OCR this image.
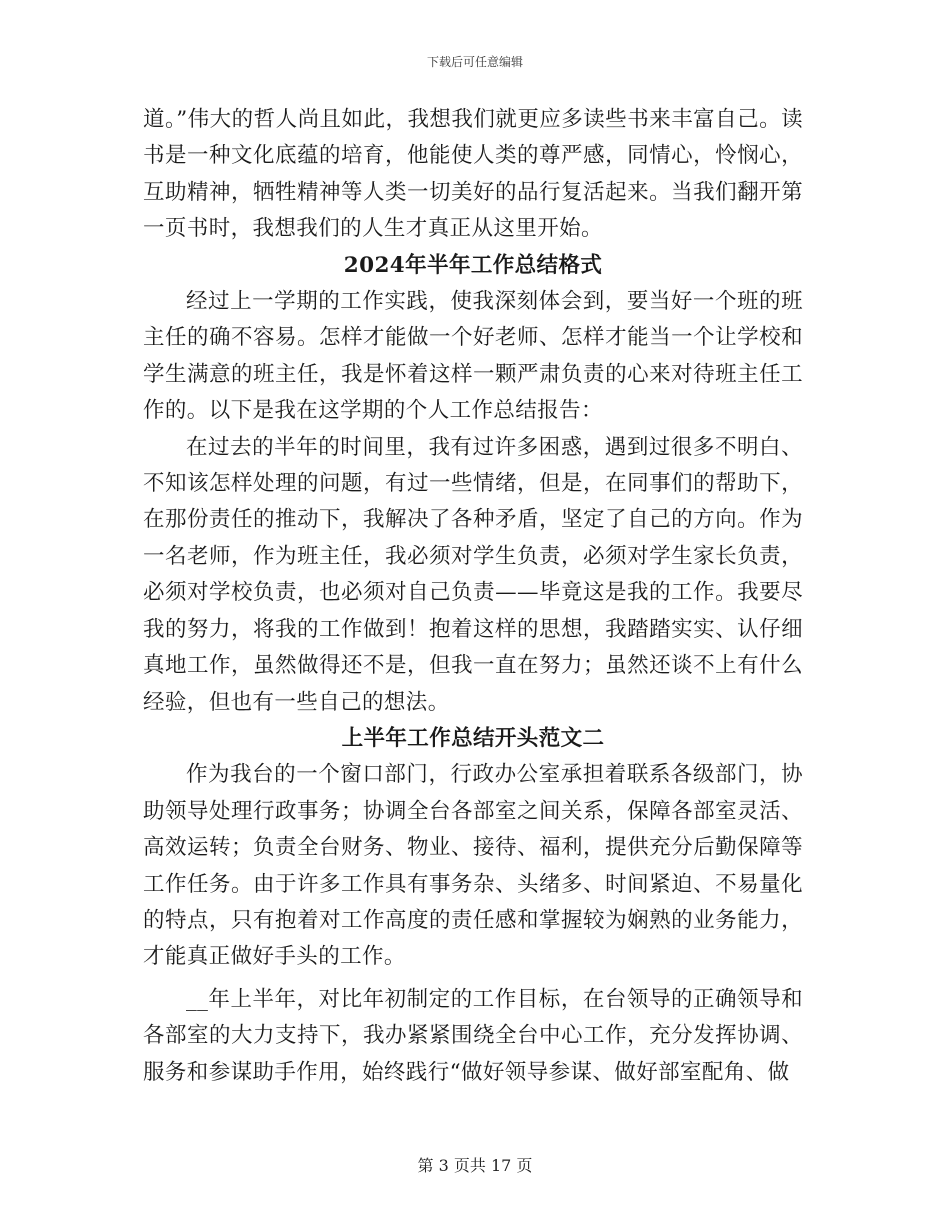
下载后可任意编辑

道。”伟大的哲人尚且如此，我想我们就更应多读些书来丰富自己。读书是一种文化底蕴的培育，他能使人类的尊严感，同情心，怜悯心，互助精神，牺牲精神等人类一切美好的品行复活起来。当我们翻开第一页书时，我想我们的人生才真正从这里开始。

2024年半年工作总结格式

经过上一学期的工作实践，使我深刻体会到，要当好一个班的班主任的确不容易。怎样才能做一个好老师、怎样才能当一个让学校和学生满意的班主任，我是怀着这样一颗严肃负责的心来对待班主任工作的。以下是我在这学期的个人工作总结报告：

在过去的半年的时间里，我有过许多困惑，遇到过很多不明白、不知该怎样处理的问题，有过一些情绪，但是，在同事们的帮助下，在那份责任的推动下，我解决了各种矛盾，坚定了自己的方向。作为一名老师，作为班主任，我必须对学生负责，必须对学生家长负责，必须对学校负责，也必须对自己负责——毕竟这是我的工作。我要尽我的努力，将我的工作做到！抱着这样的思想，我踏踏实实、认仔细真地工作，虽然做得还不是，但我一直在努力；虽然还谈不上有什么经验，但也有一些自己的想法。

上半年工作总结开头范文二

作为我台的一个窗口部门，行政办公室承担着联系各级部门，协助领导处理行政事务；协调全台各部室之间关系，保障各部室灵活、高效运转；负责全台财务、物业、接待、福利，提供充分后勤保障等工作任务。由于许多工作具有事务杂、头绪多、时间紧迫、不易量化的特点，只有抱着对工作高度的责任感和掌握较为娴熟的业务能力，才能真正做好手头的工作。

__年上半年，对比年初制定的工作目标，在台领导的正确领导和各部室的大力支持下，我办紧紧围绕全台中心工作，充分发挥协调、服务和参谋助手作用，始终践行“做好领导参谋、做好部室配角、做

第 3 页共 17 页
